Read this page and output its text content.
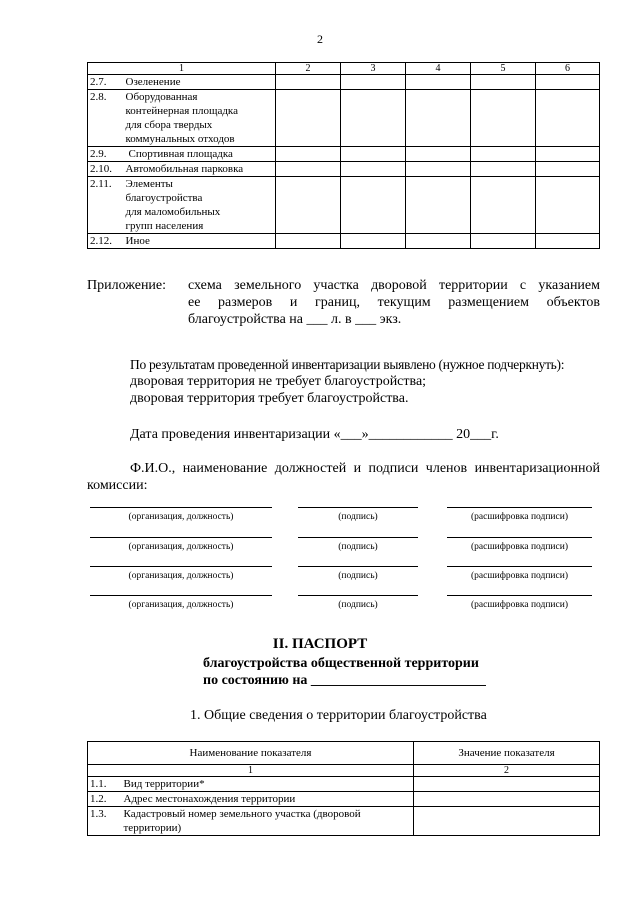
2
1		2	3	4	5	6
2.7.	Озеленение					

2.8.	Оборудованная
контейнерная площадка
для сбора твердых
коммунальных отходов					

2.9.	Спортивная площадка					

2.10.	Автомобильная парковка					

2.11.	Элементы
благоустройства
для маломобильных
групп населения					

2.12.	Иное					

Приложение: схема земельного участка дворовой территории с указанием
ее размеров и границ, текущим размещением объектов
благоустройства на ___ л. в ___ экз.
По результатам проведенной инвентаризации выявлено (нужное подчеркнуть):
дворовая территория не требует благоустройства;
дворовая территория требует благоустройства.
Дата проведения инвентаризации «___»____________ 20___г.
Ф.И.О., наименование должностей и подписи членов инвентаризационной
комиссии:
(организация, должность)	(подпись)	(расшифровка подписи)
(организация, должность)	(подпись)	(расшифровка подписи)
(организация, должность)	(подпись)	(расшифровка подписи)
(организация, должность)	(подпись)	(расшифровка подписи)
II. ПАСПОРТ
благоустройства общественной территории
по состоянию на _________________________
1. Общие сведения о территории благоустройства
Наименование показателя		Значение показателя
1		2
1.1.	Вид территории*	

1.2.	Адрес местонахождения территории	

1.3.	Кадастровый номер земельного участка (дворовой
территории)	
